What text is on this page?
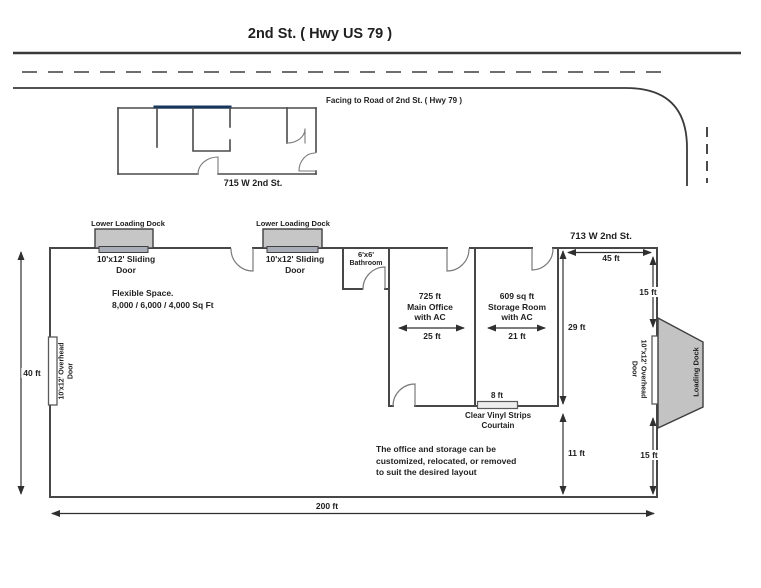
2nd St. ( Hwy US 79 )
Facing to Road of 2nd St. ( Hwy 79 )
715 W 2nd St.
713 W 2nd St.
Lower Loading Dock	Lower Loading Dock
10'x12' Sliding
Door
10'x12' Sliding
Door
6'x6'
Bathroom
Flexible Space.
8,000 / 6,000 / 4,000 Sq Ft
725 ft
Main Office
with AC
25 ft
609 sq ft
Storage Room
with AC
21 ft
8 ft
Clear Vinyl Strips
Courtain
The office and storage can be
customized, relocated, or removed
to suit the desired layout
40 ft
200 ft
29 ft
45 ft
15 ft
15 ft
11 ft
10'x12' Overhead Door	10"x12' Overhead
Door	Loading Dock
